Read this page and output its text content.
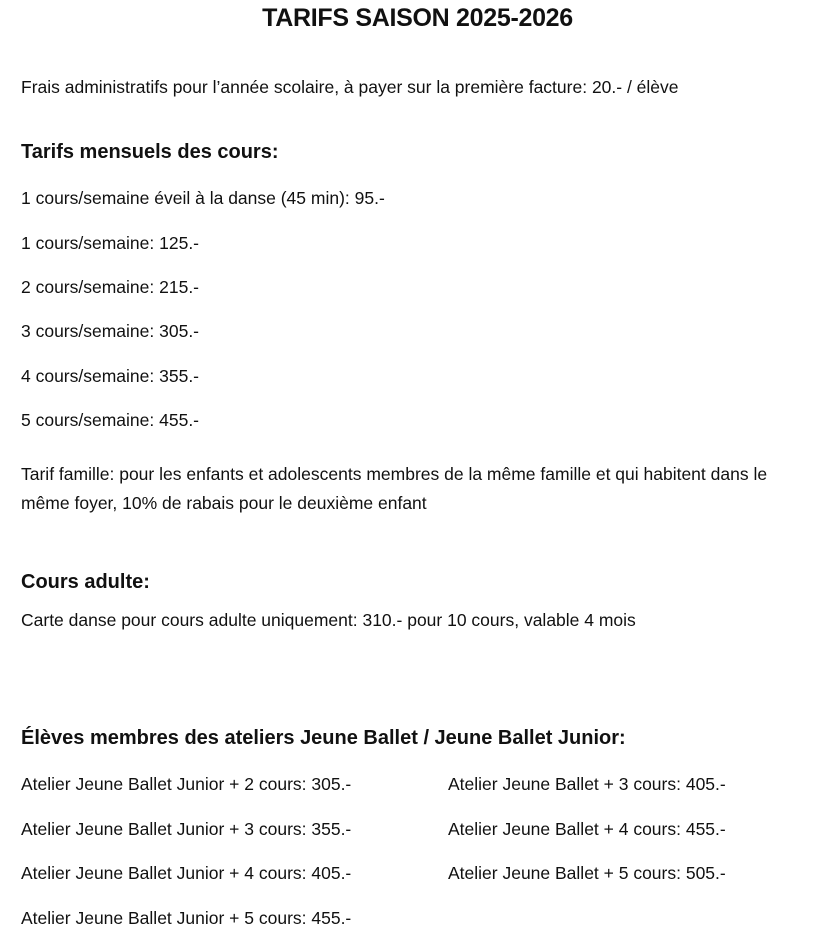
TARIFS SAISON 2025-2026
Frais administratifs pour l’année scolaire, à payer sur la première facture: 20.- / élève
Tarifs mensuels des cours:
1 cours/semaine éveil à la danse (45 min): 95.-
1 cours/semaine: 125.-
2 cours/semaine: 215.-
3 cours/semaine: 305.-
4 cours/semaine: 355.-
5 cours/semaine: 455.-
Tarif famille: pour les enfants et adolescents membres de la même famille et qui habitent dans le même foyer, 10% de rabais pour le deuxième enfant
Cours adulte:
Carte danse pour cours adulte uniquement: 310.- pour 10 cours, valable 4 mois
Élèves membres des ateliers Jeune Ballet / Jeune Ballet Junior:
Atelier Jeune Ballet Junior + 2 cours: 305.-
Atelier Jeune Ballet Junior + 3 cours: 355.-
Atelier Jeune Ballet Junior + 4 cours: 405.-
Atelier Jeune Ballet Junior + 5 cours: 455.-
Atelier Jeune Ballet + 3 cours: 405.-
Atelier Jeune Ballet + 4 cours: 455.-
Atelier Jeune Ballet + 5 cours: 505.-
